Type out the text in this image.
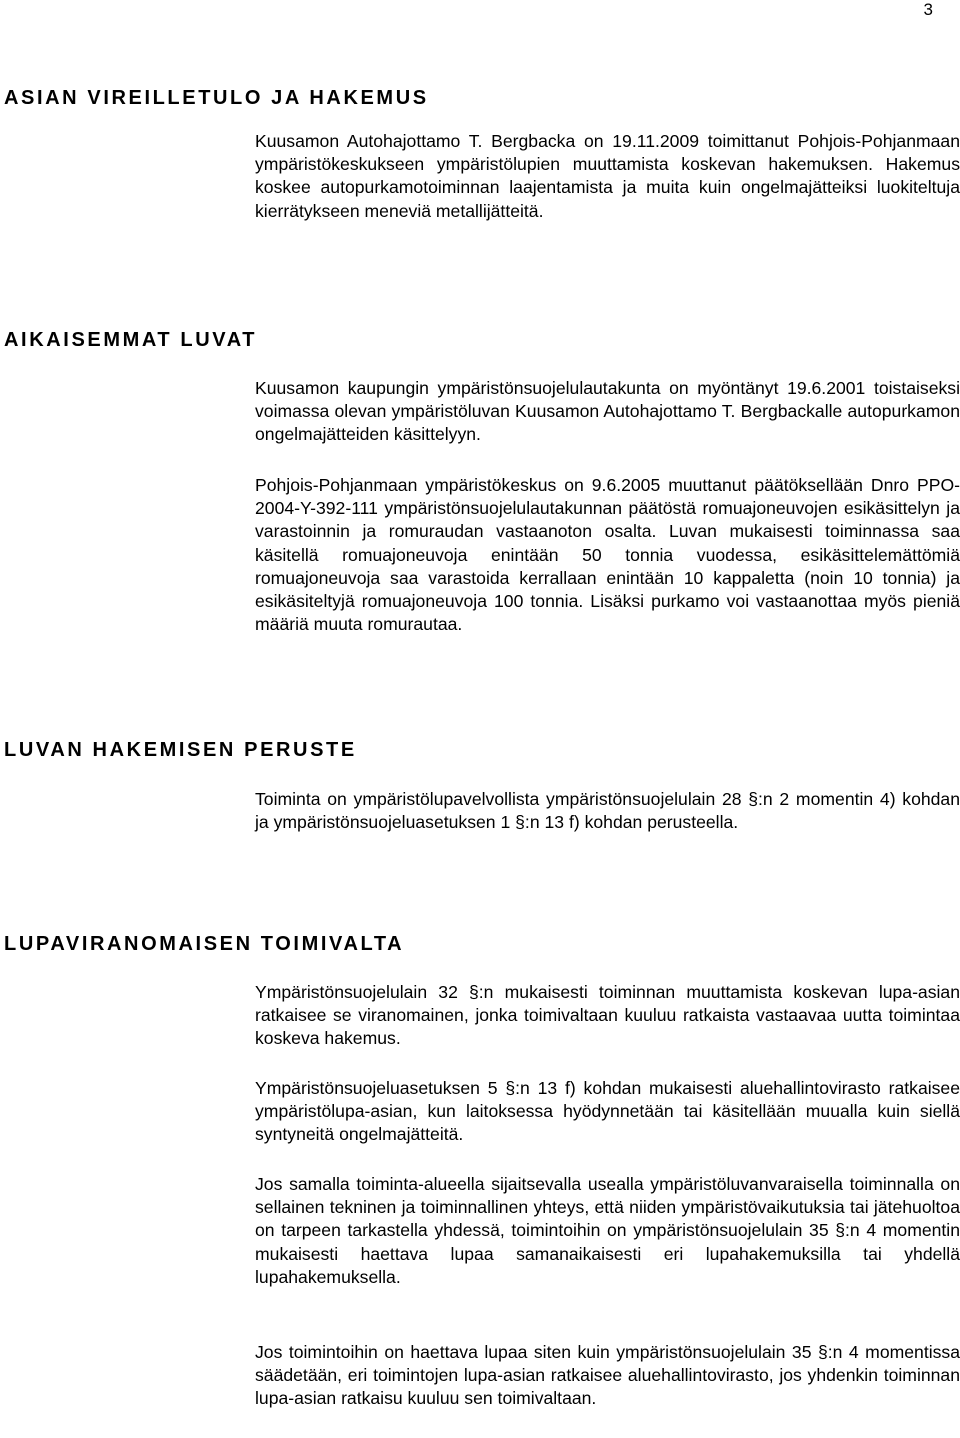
3
ASIAN VIREILLETULO JA HAKEMUS

Kuusamon Autohajottamo T. Bergbacka on 19.11.2009 toimittanut Pohjois-Pohjanmaan ympäristökeskukseen ympäristölupien muuttamista koskevan hakemuksen. Hakemus koskee autopurkamotoiminnan laajentamista ja muita kuin ongelmajätteiksi luokiteltuja kierrätykseen meneviä metallijätteitä.

AIKAISEMMAT LUVAT

Kuusamon kaupungin ympäristönsuojelulautakunta on myöntänyt 19.6.2001 toistaiseksi voimassa olevan ympäristöluvan Kuusamon Autohajottamo T. Bergbackalle autopurkamon ongelmajätteiden käsittelyyn.

Pohjois-Pohjanmaan ympäristökeskus on 9.6.2005 muuttanut päätöksellään Dnro PPO-2004-Y-392-111 ympäristönsuojelulautakunnan päätöstä romuajoneuvojen esikäsittelyn ja varastoinnin ja romuraudan vastaanoton osalta. Luvan mukaisesti toiminnassa saa käsitellä romuajoneuvoja enintään 50 tonnia vuodessa, esikäsittelemättömiä romuajoneuvoja saa varastoida kerrallaan enintään 10 kappaletta (noin 10 tonnia) ja esikäsiteltyjä romuajoneuvoja 100 tonnia. Lisäksi purkamo voi vastaanottaa myös pieniä määriä muuta romurautaa.

LUVAN HAKEMISEN PERUSTE

Toiminta on ympäristölupavelvollista ympäristönsuojelulain 28 §:n 2 momentin 4) kohdan ja ympäristönsuojeluasetuksen 1 §:n 13 f) kohdan perusteella.

LUPAVIRANOMAISEN TOIMIVALTA

Ympäristönsuojelulain 32 §:n mukaisesti toiminnan muuttamista koskevan lupa-asian ratkaisee se viranomainen, jonka toimivaltaan kuuluu ratkaista vastaavaa uutta toimintaa koskeva hakemus.

Ympäristönsuojeluasetuksen 5 §:n 13 f) kohdan mukaisesti aluehallintovirasto ratkaisee ympäristölupa-asian, kun laitoksessa hyödynnetään tai käsitellään muualla kuin siellä syntyneitä ongelmajätteitä.

Jos samalla toiminta-alueella sijaitsevalla usealla ympäristöluvanvaraisella toiminnalla on sellainen tekninen ja toiminnallinen yhteys, että niiden ympäristövaikutuksia tai jätehuoltoa on tarpeen tarkastella yhdessä, toimintoihin on ympäristönsuojelulain 35 §:n 4 momentin mukaisesti haettava lupaa samanaikaisesti eri lupahakemuksilla tai yhdellä lupahakemuksella.

Jos toimintoihin on haettava lupaa siten kuin ympäristönsuojelulain 35 §:n 4 momentissa säädetään, eri toimintojen lupa-asian ratkaisee aluehallintovirasto, jos yhdenkin toiminnan lupa-asian ratkaisu kuuluu sen toimivaltaan.
